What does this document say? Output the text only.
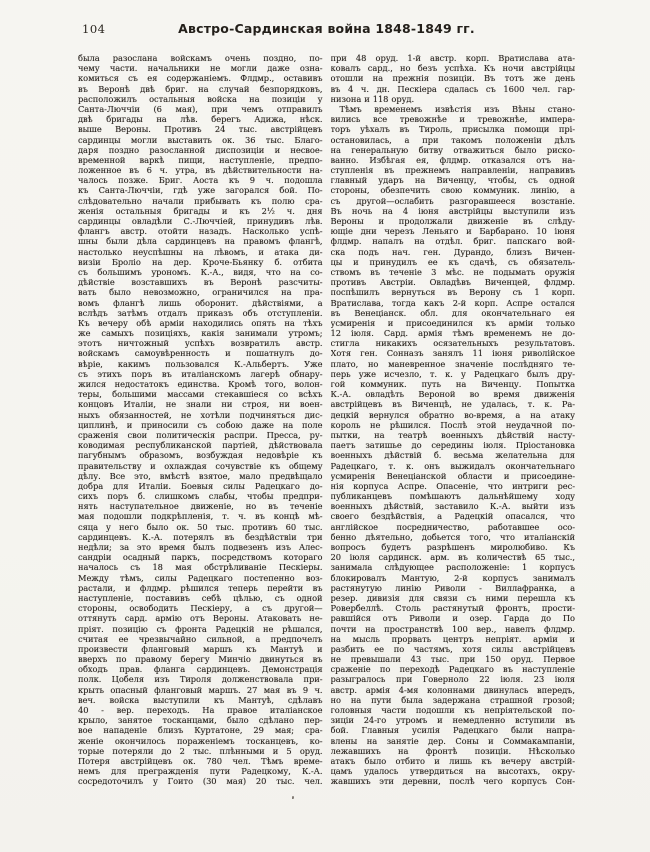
104	Австро-Сардинская война 1848-1849 гг.
была разослана войскамъ очень поздно, по-
чему части. начальники не могли даже озна-
комиться съ ея содержаніемъ. Флдмр., оставивъ
въ Веронѣ двѣ бриг. на случай безпорядковъ,
расположилъ остальныя войска на позиціи у
Санта-Люччіи (6 мая), при чемъ отправилъ
двѣ бригады на лѣв. берегъ Адижа, нѣск.
выше Вероны. Противъ 24 тыс. австрійцевъ
сардинцы могли выставить ок. 36 тыс. Благо-
даря поздно разосланной диспозиціи и несвое-
временной варкѣ пищи, наступленіе, предпо-
ложенное въ 6 ч. утра, въ дѣйствительности на-
чалось позже. Бриг. Аоста къ 9 ч. подошла
къ Санта-Люччіи, гдѣ уже загорался бой. По-
слѣдовательно начали прибывать къ полю сра-
женія остальныя бригады и къ 2½ ч. дня
сардинцы овладѣли С.-Люччіей, принудивъ лѣв.
флангъ австр. отойти назадъ. Насколько успѣ-
шны были дѣла сардинцевъ на правомъ флангѣ,
настолько неуспѣшны на лѣвомъ, и атака ди-
визіи Броліо на дер. Кроче-Бьянку б. отбита
съ большимъ урономъ. К.-А., видя, что на со-
дѣйствіе возставшихъ въ Веронѣ разсчиты-
вать было невозможно, ограничился на пра-
вомъ флангѣ лишь оборонит. дѣйствіями, а
вслѣдъ затѣмъ отдалъ приказъ объ отступленіи.
Къ вечеру обѣ арміи находились опять на тѣхъ
же самыхъ позиціяхъ, какія занимали утромъ;
этотъ ничтожный успѣхъ возвратилъ австр.
войскамъ самоувѣренность и пошатнулъ до-
вѣріе, какимъ пользовался К.-Альбертъ. Уже
съ этихъ поръ въ италіанскомъ лагерѣ обнару-
жился недостатокъ единства. Кромѣ того, волон-
теры, большими массами стекавшіеся со всѣхъ
концовъ Италіи, не знали ни строя, ни воен-
ныхъ обязанностей, не хотѣли подчиняться дис-
циплинѣ, и приносили съ собою даже на поле
сраженія свои политическія распри. Пресса, ру-
ководимая республиканской партіей, дѣйствовала
пагубнымъ образомъ, возбуждая недовѣріе къ
правительству и охлаждая сочувствіе къ общему
дѣлу. Все это, вмѣстѣ взятое, мало предвѣщало
добра для Италіи. Боевыя силы Радецкаго до-
сихъ поръ б. слишкомъ слабы, чтобы предпри-
нять наступательное движеніе, но въ теченіе
мая подошли подкрѣпленія, т. ч. въ концѣ мѣ-
сяца у него было ок. 50 тыс. противъ 60 тыс.
сардинцевъ. К.-А. потерялъ въ бездѣйствіи три
недѣли; за это время былъ подвезенъ изъ Алес-
сандріи осадный паркъ, посредствомъ котораго
началось съ 18 мая обстрѣливаніе Пескіеры.
Между тѣмъ, силы Радецкаго постепенно воз-
растали, и флдмр. рѣшился теперь перейти въ
наступленіе, поставивъ себѣ цѣлью, съ одной
стороны, освободить Пескіеру, а съ другой—
оттянуть сард. армію отъ Вероны. Атаковать не-
пріят. позицію съ фронта Радецкій не рѣшался,
считая ее чрезвычайно сильной, а предпочелъ
произвести фланговый маршъ къ Мантуѣ и
вверхъ по правому берегу Минчіо двинуться въ
обходъ прав. фланга сардинцевъ. Демонстрація
полк. Цобеля изъ Тироля долженствовала при-
крыть опасный фланговый маршъ. 27 мая въ 9 ч.
веч. войска выступили къ Мантуѣ, сдѣлавъ
40 - вер. переходъ. На правое италіанское
крыло, занятое тосканцами, было сдѣлано пер-
вое нападеніе близъ Куртатоне, 29 мая; сра-
женіе окончилось пораженіемъ тосканцевъ, ко-
торые потеряли до 2 тыс. плѣнными и 5 оруд.
Потеря австрійцевъ ок. 780 чел. Тѣмъ време-
немъ для прегражденія пути Радецкому, К.-А.
сосредоточилъ у Гоито (30 мая) 20 тыс. чел.
при 48 оруд. 1-й австр. корп. Вратислава ата-
ковалъ сард., но безъ успѣха. Къ ночи австрійцы
отошли на прежнія позиціи. Въ тотъ же день
въ 4 ч. дн. Пескіера сдалась съ 1600 чел. гар-
низона и 118 оруд.
Тѣмъ временемъ извѣстія изъ Вѣны стано-
вились все тревожнѣе и тревожнѣе, импера-
торъ уѣхалъ въ Тироль, присылка помощи прі-
остановилась, а при такомъ положеніи дѣлъ
на генеральную битву отважиться было риско-
ванно. Избѣгая ея, флдмр. отказался отъ на-
ступленія въ прежнемъ направленіи, направивъ
главный ударъ на Виченцу, чтобы, съ одной
стороны, обезпечить свою коммуник. линію, а
съ другой—ослабить разгоравшееся возстаніе.
Въ ночь на 4 іюня австрійцы выступили изъ
Вероны и продолжали движеніе въ слѣду-
ющіе дни черезъ Леньяго и Барбарано. 10 іюня
флдмр. напалъ на отдѣл. бриг. папскаго вой-
ска подъ нач. ген. Дурандо, близъ Вичен-
цы и принудилъ ее къ сдачѣ, съ обязатель-
ствомъ въ теченіе 3 мѣс. не подымать оружія
противъ Австріи. Овладѣвъ Виченцей, флдмр.
поспѣшилъ вернуться въ Верону съ 1 корп.
Вратислава, тогда какъ 2-й корп. Аспре остался
въ Венеціанск. обл. для окончательнаго ея
усмиренія и присоединился къ арміи только
12 іюля. Сард. армія тѣмъ временемъ не до-
стигла никакихъ осязательныхъ результатовъ.
Хотя ген. Сонназъ занялъ 11 іюня риволійское
плато, но маневренное значеніе послѣдняго те-
перь уже исчезло, т. к. у Радецкаго былъ дру-
гой коммуник. путь на Виченцу. Попытка
К.-А. овладѣть Вероной во время движенія
австрійцевъ въ Виченцѣ, не удалась, т. к. Ра-
децкій вернулся обратно во-время, а на атаку
король не рѣшился. Послѣ этой неудачной по-
пытки, на театрѣ военныхъ дѣйствій насту-
паетъ затишье до середины іюля. Пріостановка
военныхъ дѣйствій б. весьма желательна для
Радецкаго, т. к. онъ выжидалъ окончательнаго
усмиренія Венеціанской области и присоедине-
нія корпуса Аспре. Опасеніе, что интриги рес-
публиканцевъ помѣшаютъ дальнѣйшему ходу
военныхъ дѣйствій, заставило К.-А. выйти изъ
своего бездѣйствія, а Радецкій опасался, что
англійское посредничество, работавшее осо-
бенно дѣятельно, добьется того, что италіанскій
вопросъ будетъ разрѣшенъ миролюбиво. Къ
20 іюля сардинск. арм. въ количествѣ 65 тыс.,
занимала слѣдующее расположеніе: 1 корпусъ
блокировалъ Мантую, 2-й корпусъ занималъ
растянутую линію Риволи - Виллафранка, а
резер. дивизія для связи съ ними перешла къ
Ровербеллѣ. Столь растянутый фронтъ, прости-
равшійся отъ Риволи и озер. Гарда до По
почти на пространствѣ 100 вер., навелъ флдмр.
на мысль прорвать центръ непріят. арміи и
разбить ее по частямъ, хотя силы австрійцевъ
не превышали 43 тыс. при 150 оруд. Первое
сраженіе по переходѣ Радецкаго въ наступленіе
разыгралось при Говерноло 22 іюля. 23 іюля
австр. армія 4-мя колоннами двинулась впередъ,
но на пути была задержана страшной грозой;
головныя части подошли къ непріятельской по-
зиціи 24-го утромъ и немедленно вступили въ
бой. Главныя усилія Радецкаго были напра-
влены на занятіе дер. Соны и Соммакампаніи,
лежавшихъ на фронтѣ позиціи. Нѣсколько
атакъ было отбито и лишь къ вечеру австрій-
цамъ удалось утвердиться на высотахъ, окру-
жавшихъ эти деревни, послѣ чего корпусъ Сон-
